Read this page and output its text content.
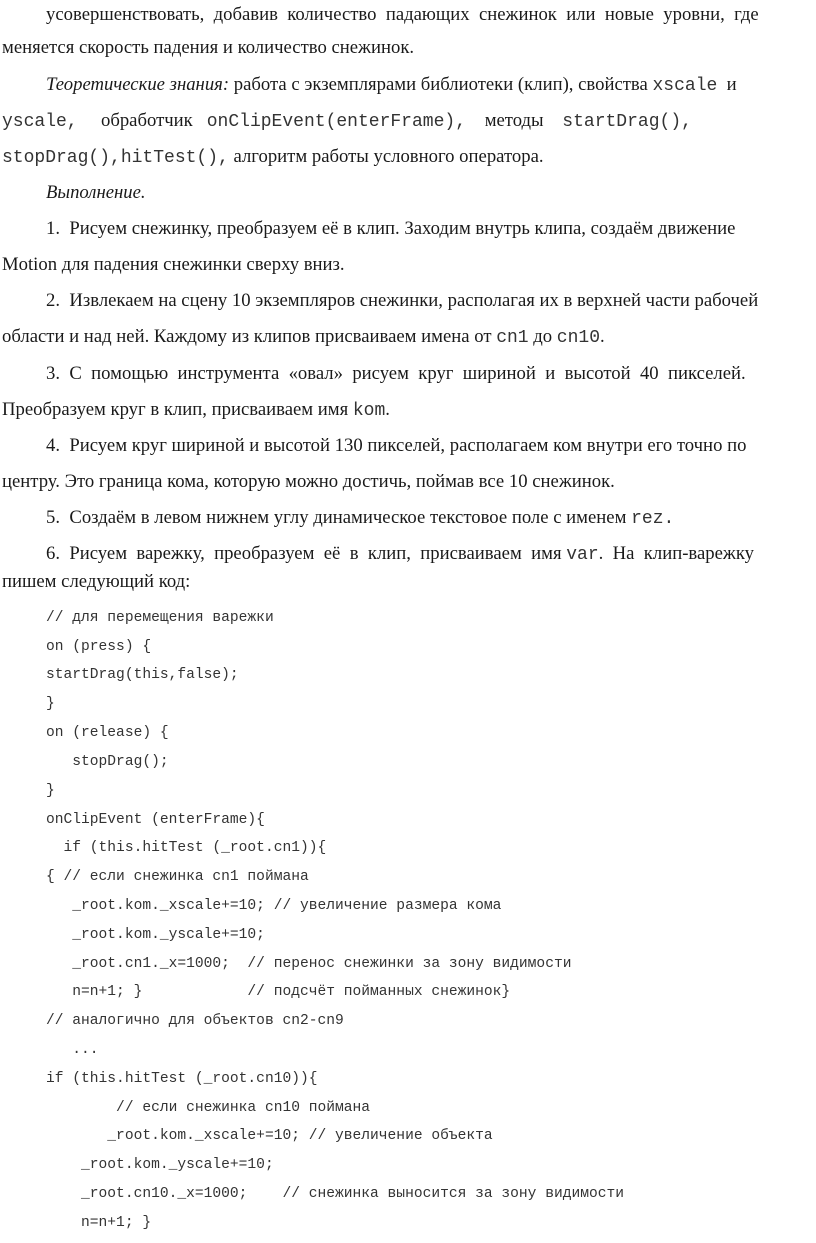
усовершенствовать,  добавив  количество  падающих  снежинок  или  новые  уровни,  где
меняется скорость падения и количество снежинок.
Теоретические знания: работа с экземплярами библиотеки (клип), свойства xscale  и
yscale,     обработчик   onClipEvent(enterFrame),    методы    startDrag(),
stopDrag(),hitTest(), алгоритм работы условного оператора.
Выполнение.
1.  Рисуем снежинку, преобразуем её в клип. Заходим внутрь клипа, создаём движение
Motion для падения снежинки сверху вниз.
2.  Извлекаем на сцену 10 экземпляров снежинки, располагая их в верхней части рабочей
области и над ней. Каждому из клипов присваиваем имена от cn1 до cn10.
3.  С  помощью  инструмента  «овал»  рисуем  круг  шириной  и  высотой  40  пикселей.
Преобразуем круг в клип, присваиваем имя kom.
4.  Рисуем круг шириной и высотой 130 пикселей, располагаем ком внутри его точно по
центру. Это граница кома, которую можно достичь, поймав все 10 снежинок.
5.  Создаём в левом нижнем углу динамическое текстовое поле с именем rez.
6.  Рисуем  варежку,  преобразуем  её  в  клип,  присваиваем  имя var.  На  клип-варежку
пишем следующий код:
// для перемещения варежки
on (press) {
startDrag(this,false);
}
on (release) {
stopDrag();
}
onClipEvent (enterFrame){
if (this.hitTest (_root.cn1)){
{ // если снежинка cn1 поймана
_root.kom._xscale+=10; // увеличение размера кома
_root.kom._yscale+=10;
_root.cn1._x=1000;  // перенос снежинки за зону видимости
n=n+1; }            // подсчёт пойманных снежинок}
// аналогично для объектов cn2-cn9
...
if (this.hitTest (_root.cn10)){
// если снежинка cn10 поймана
_root.kom._xscale+=10; // увеличение объекта
_root.kom._yscale+=10;
_root.cn10._x=1000;    // снежинка выносится за зону видимости
n=n+1; }
